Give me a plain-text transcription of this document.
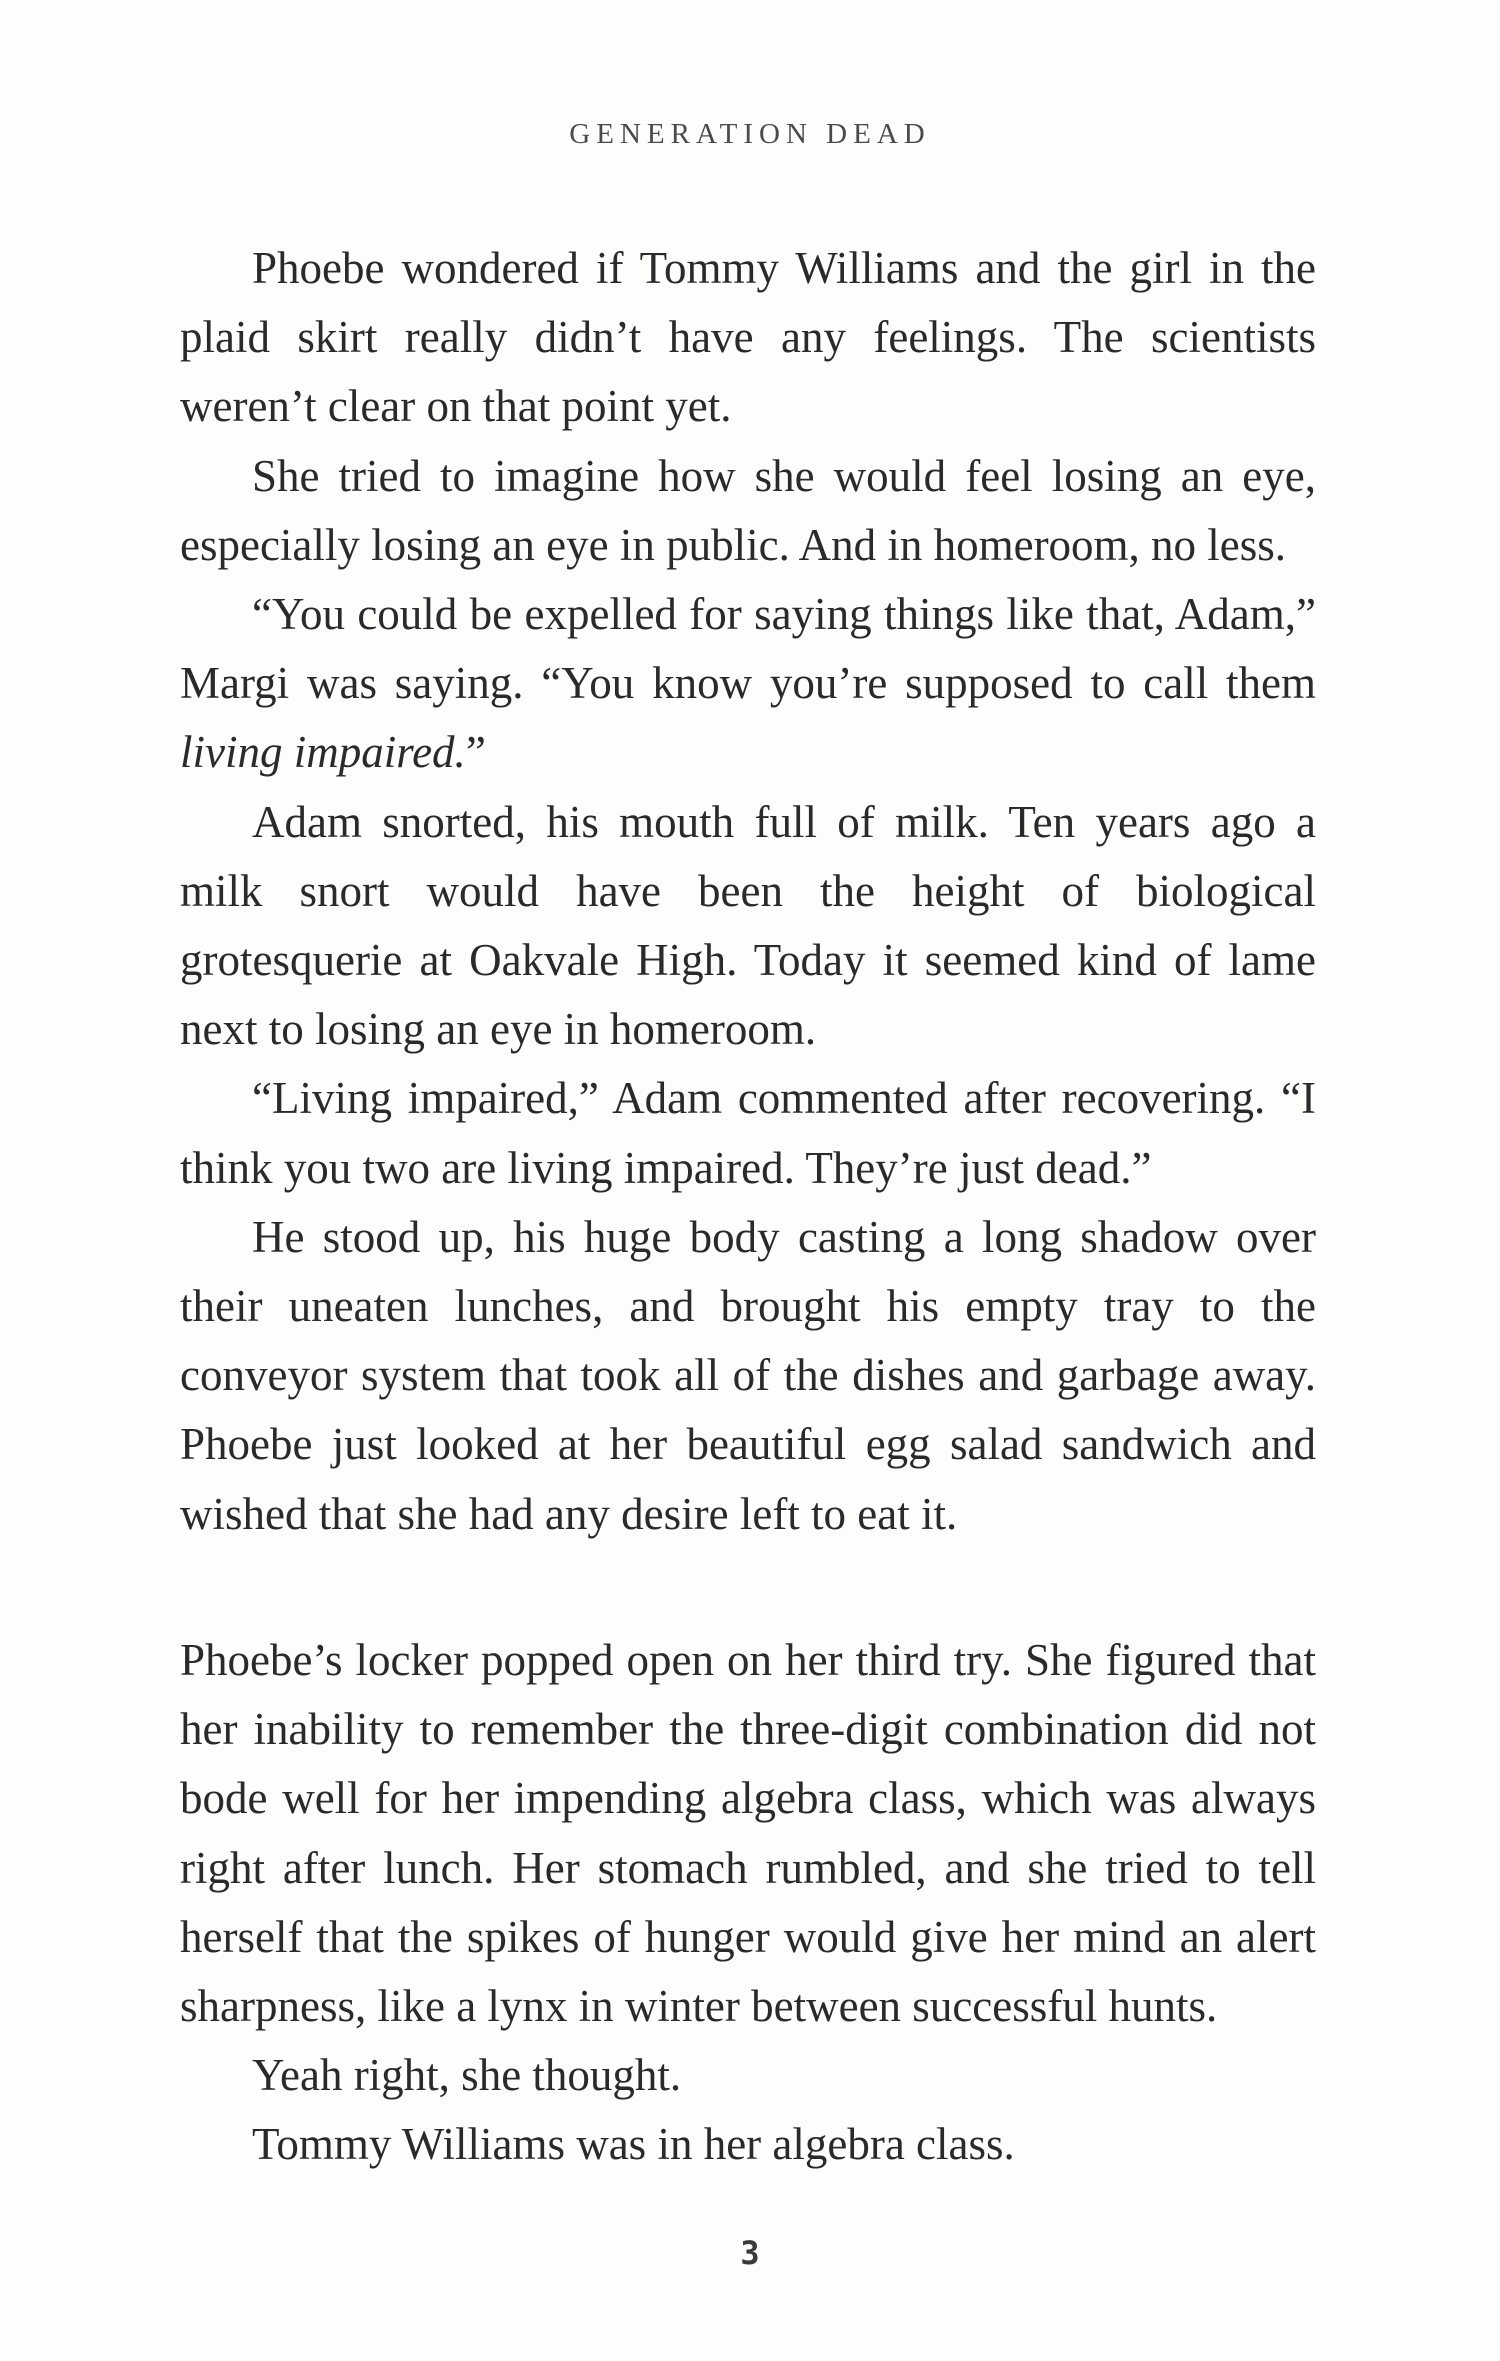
GENERATION DEAD

Phoebe wondered if Tommy Williams and the girl in the plaid skirt really didn’t have any feelings. The scientists weren’t clear on that point yet.

She tried to imagine how she would feel losing an eye, especially losing an eye in public. And in homeroom, no less.

“You could be expelled for saying things like that, Adam,” Margi was saying. “You know you’re supposed to call them living impaired.”

Adam snorted, his mouth full of milk. Ten years ago a milk snort would have been the height of biological grotesquerie at Oakvale High. Today it seemed kind of lame next to losing an eye in homeroom.

“Living impaired,” Adam commented after recovering. “I think you two are living impaired. They’re just dead.”

He stood up, his huge body casting a long shadow over their uneaten lunches, and brought his empty tray to the conveyor system that took all of the dishes and garbage away. Phoebe just looked at her beautiful egg salad sandwich and wished that she had any desire left to eat it.

Phoebe’s locker popped open on her third try. She figured that her inability to remember the three-digit combination did not bode well for her impending algebra class, which was always right after lunch. Her stomach rumbled, and she tried to tell herself that the spikes of hunger would give her mind an alert sharpness, like a lynx in winter between successful hunts.

Yeah right, she thought.

Tommy Williams was in her algebra class.

3
